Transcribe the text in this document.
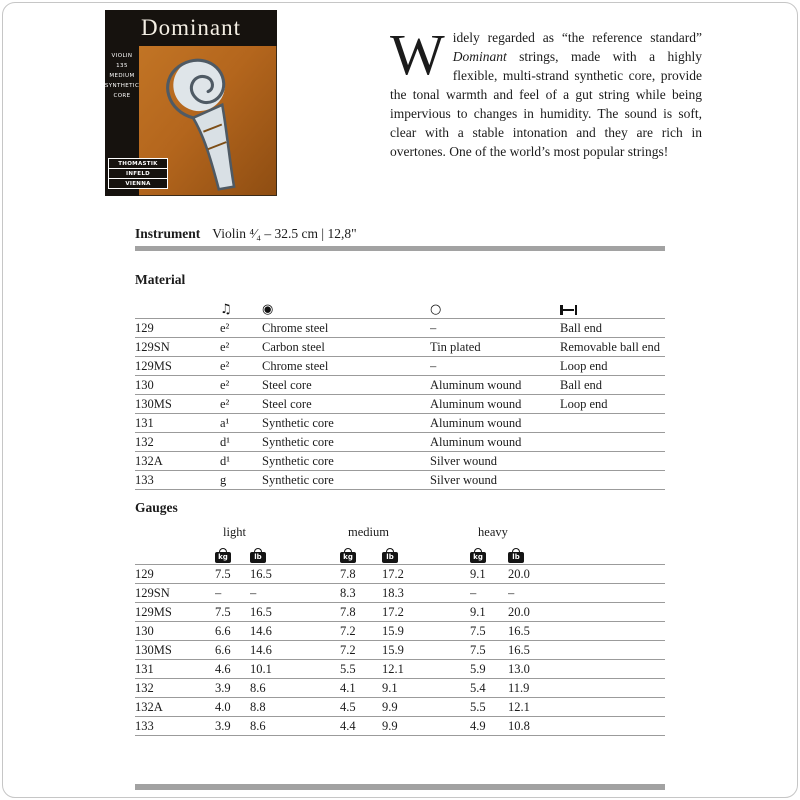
Dominant
VIOLIN
135
MEDIUM
SYNTHETIC
CORE
THOMASTIK
INFELD
VIENNA

Widely regarded as “the reference standard” Dominant strings, made with a highly flexible, multi-strand synthetic core, provide the tonal warmth and feel of a gut string while being impervious to changes in humidity. The sound is soft, clear with a stable intonation and they are rich in overtones. One of the world’s most popular strings!

Instrument Violin ⁴⁄₄ – 32.5 cm | 12,8"

Material

	♫	◉	○	
129	e²	Chrome steel	–	Ball end
129SN	e²	Carbon steel	Tin plated	Removable ball end
129MS	e²	Chrome steel	–	Loop end
130	e²	Steel core	Aluminum wound	Ball end
130MS	e²	Steel core	Aluminum wound	Loop end
131	a¹	Synthetic core	Aluminum wound	
132	d¹	Synthetic core	Aluminum wound	
132A	d¹	Synthetic core	Silver wound	
133	g	Synthetic core	Silver wound	

Gauges

	light		medium		heavy	
	kg	lb	kg	lb	kg	lb
129	7.5	16.5	7.8	17.2	9.1	20.0
129SN	–	–	8.3	18.3	–	–
129MS	7.5	16.5	7.8	17.2	9.1	20.0
130	6.6	14.6	7.2	15.9	7.5	16.5
130MS	6.6	14.6	7.2	15.9	7.5	16.5
131	4.6	10.1	5.5	12.1	5.9	13.0
132	3.9	8.6	4.1	9.1	5.4	11.9
132A	4.0	8.8	4.5	9.9	5.5	12.1
133	3.9	8.6	4.4	9.9	4.9	10.8
